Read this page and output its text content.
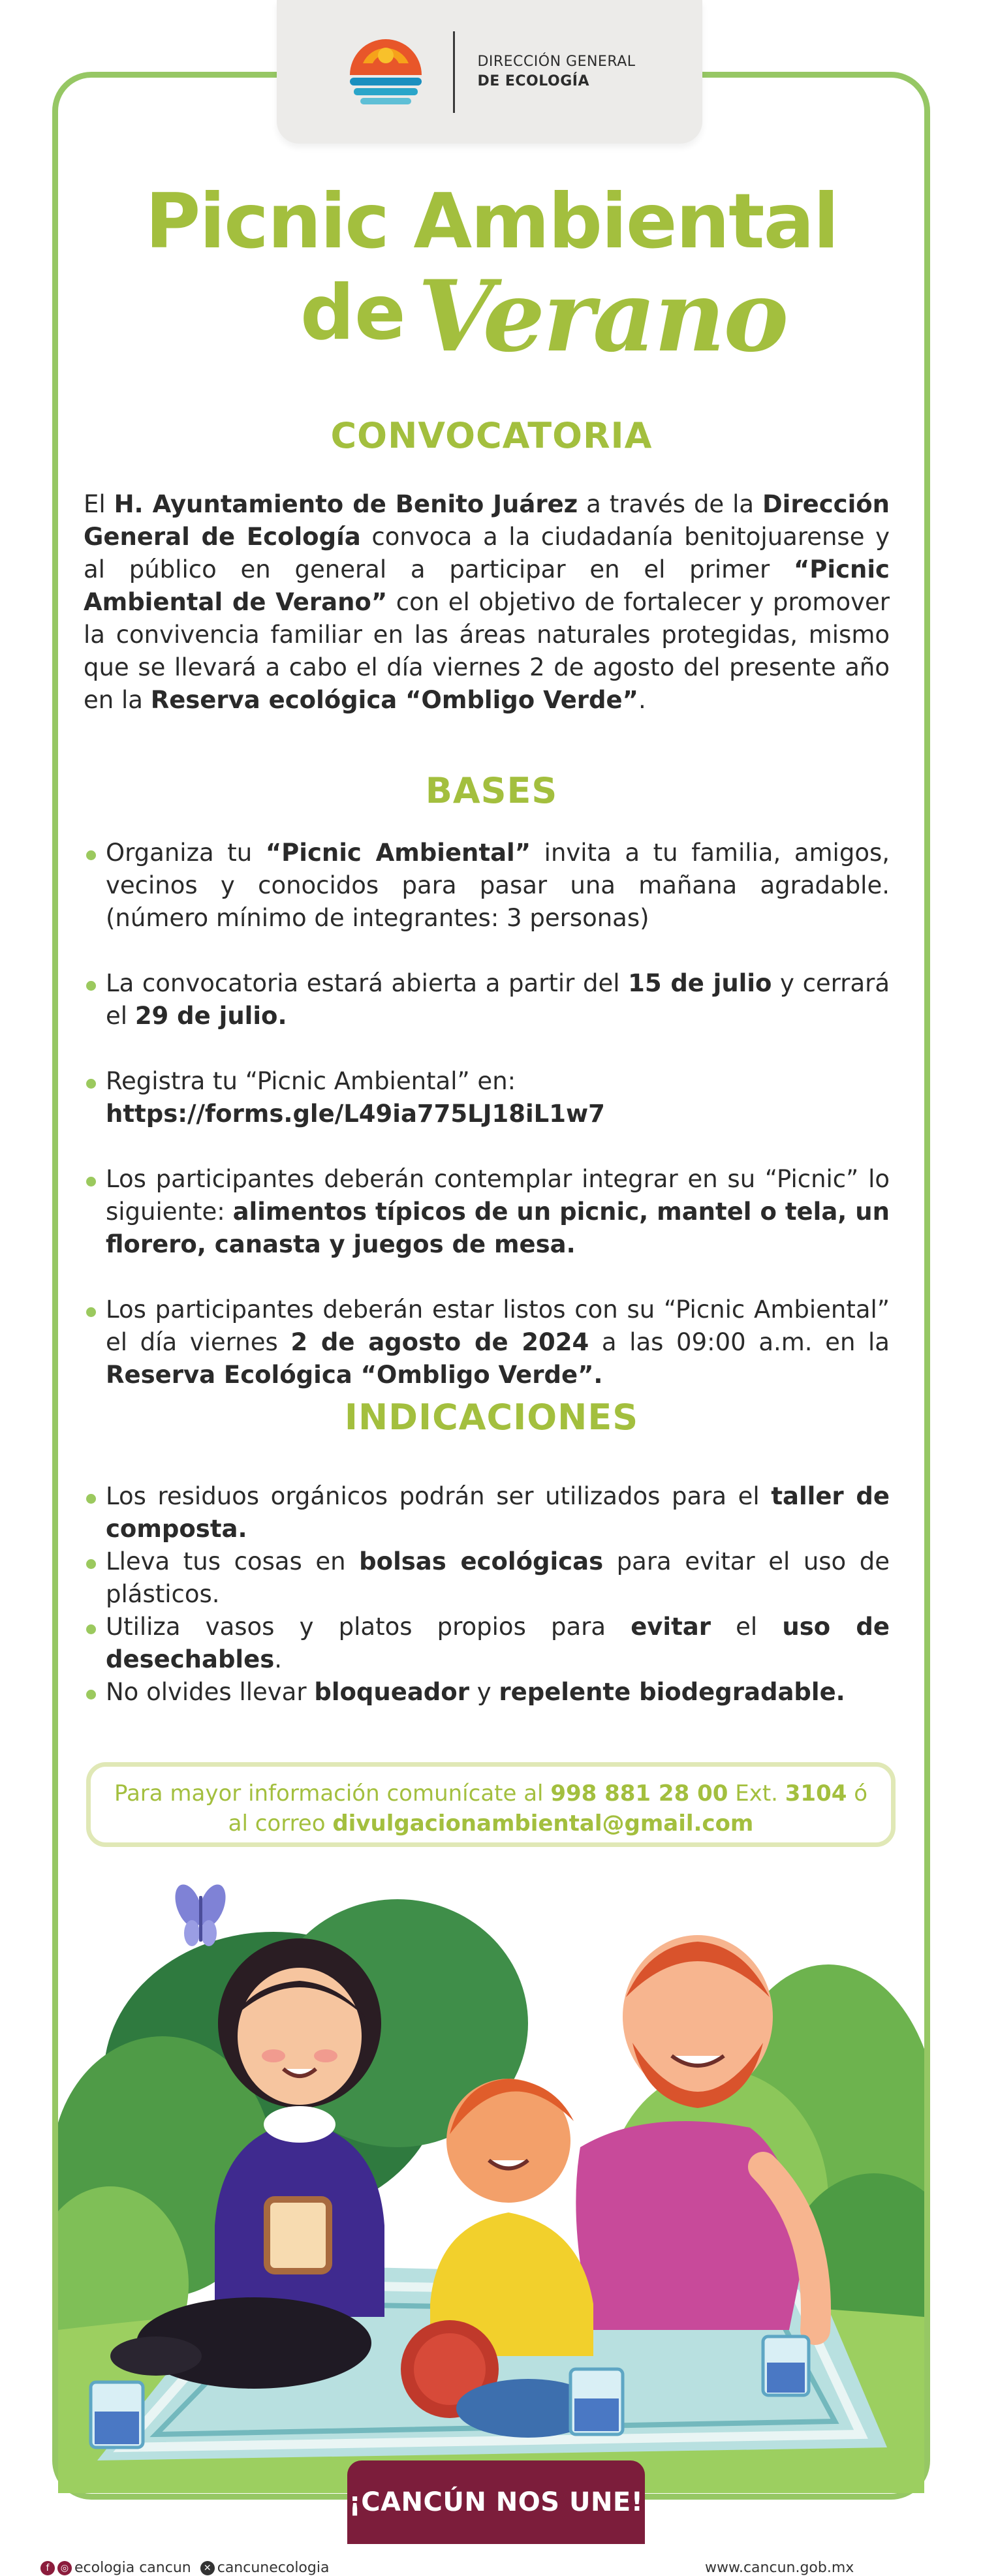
DIRECCIÓN GENERAL
DE ECOLOGÍA
Picnic Ambiental
de Verano
CONVOCATORIA
El H. Ayuntamiento de Benito Juárez a través de la Dirección General de Ecología convoca a la ciudadanía benitojuarense y al público en general a participar en el primer “Picnic Ambiental de Verano” con el objetivo de fortalecer y promover la convivencia familiar en las áreas naturales protegidas, mismo que se llevará a cabo el día viernes 2 de agosto del presente año en la Reserva ecológica “Ombligo Verde”.
BASES
Organiza tu “Picnic Ambiental” invita a tu familia, amigos, vecinos y conocidos para pasar una mañana agradable. (número mínimo de integrantes: 3 personas)
La convocatoria estará abierta a partir del 15 de julio y cerrará el 29 de julio.
Registra tu “Picnic Ambiental” en:
https://forms.gle/L49ia775LJ18iL1w7
Los participantes deberán contemplar integrar en su “Picnic” lo siguiente: alimentos típicos de un picnic, mantel o tela, un florero, canasta y juegos de mesa.
Los participantes deberán estar listos con su “Picnic Ambiental” el día viernes 2 de agosto de 2024 a las 09:00 a.m. en la Reserva Ecológica “Ombligo Verde”.
INDICACIONES
Los residuos orgánicos podrán ser utilizados para el taller de composta.
Lleva tus cosas en bolsas ecológicas para evitar el uso de plásticos.
Utiliza vasos y platos propios para evitar el uso de desechables.
No olvides llevar bloqueador y repelente biodegradable.
Para mayor información comunícate al 998 881 28 00 Ext. 3104 ó
al correo divulgacionambiental@gmail.com
¡CANCÚN NOS UNE!
f	◎ ecologia cancun	✕ cancunecologia	www.cancun.gob.mx
